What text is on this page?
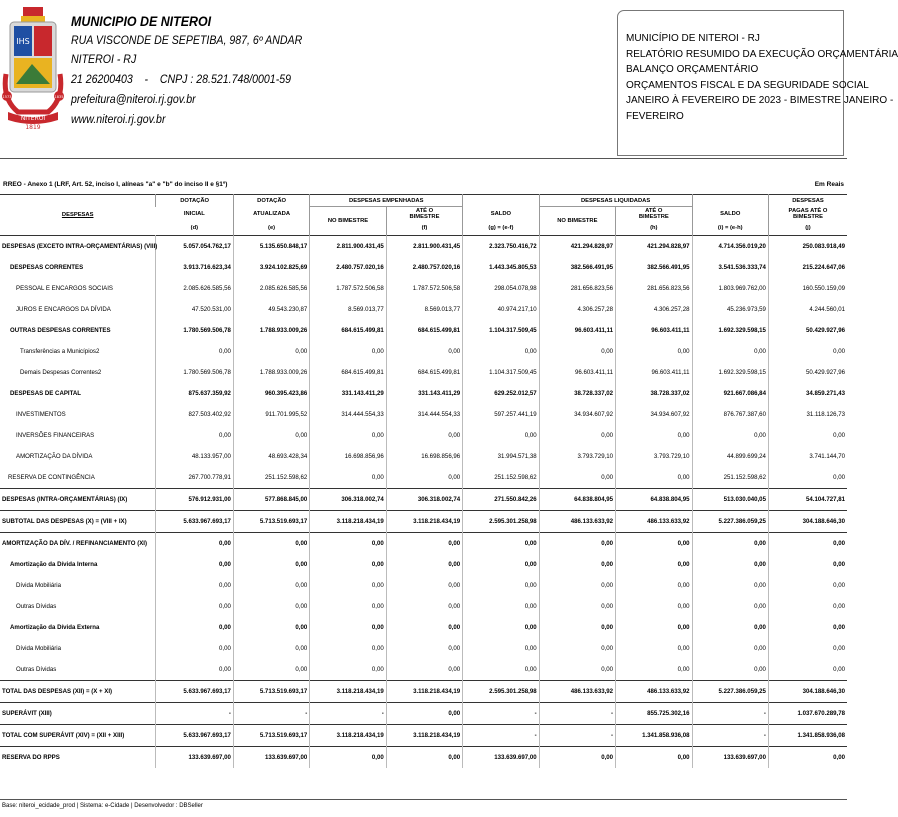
IHS
1573	1835
NITEROI
1819
MUNICIPIO DE NITEROI
RUA VISCONDE DE SEPETIBA, 987, 6º ANDAR
NITEROI - RJ
21 26200403    -    CNPJ : 28.521.748/0001-59
prefeitura@niteroi.rj.gov.br
www.niteroi.rj.gov.br
MUNICÍPIO DE NITEROI - RJ
RELATÓRIO RESUMIDO DA EXECUÇÃO ORÇAMENTÁRIA
BALANÇO ORÇAMENTÁRIO
ORÇAMENTOS FISCAL E DA SEGURIDADE SOCIAL
JANEIRO À FEVEREIRO DE 2023 - BIMESTRE JANEIRO -
FEVEREIRO
RREO - Anexo 1 (LRF, Art. 52, inciso I, alíneas "a" e "b" do inciso II e §1º)	Em Reais
DESPESAS	DOTAÇÃO	DOTAÇÃO	DESPESAS EMPENHADAS			DESPESAS LIQUIDADAS			DESPESAS
	INICIAL	ATUALIZADA	NO BIMESTRE	ATÉ O
BIMESTRE	SALDO	NO BIMESTRE	ATÉ O
BIMESTRE	SALDO	PAGAS ATÉ O
BIMESTRE
	(d)	(e)		(f)	(g) = (e-f)		(h)	(i) = (e-h)	(j)
DESPESAS (EXCETO INTRA-ORÇAMENTÁRIAS) (VIII)	5.057.054.762,17	5.135.650.848,17	2.811.900.431,45	2.811.900.431,45	2.323.750.416,72	421.294.828,97	421.294.828,97	4.714.356.019,20	250.083.918,49
DESPESAS CORRENTES	3.913.716.623,34	3.924.102.825,69	2.480.757.020,16	2.480.757.020,16	1.443.345.805,53	382.566.491,95	382.566.491,95	3.541.536.333,74	215.224.647,06
PESSOAL E ENCARGOS SOCIAIS	2.085.626.585,56	2.085.626.585,56	1.787.572.506,58	1.787.572.506,58	298.054.078,98	281.656.823,56	281.656.823,56	1.803.969.762,00	160.550.159,09
JUROS E ENCARGOS DA DÍVIDA	47.520.531,00	49.543.230,87	8.569.013,77	8.569.013,77	40.974.217,10	4.306.257,28	4.306.257,28	45.236.973,59	4.244.560,01
OUTRAS DESPESAS CORRENTES	1.780.569.506,78	1.788.933.009,26	684.615.499,81	684.615.499,81	1.104.317.509,45	96.603.411,11	96.603.411,11	1.692.329.598,15	50.429.927,96
Transferências a Municípios2	0,00	0,00	0,00	0,00	0,00	0,00	0,00	0,00	0,00
Demais Despesas Correntes2	1.780.569.506,78	1.788.933.009,26	684.615.499,81	684.615.499,81	1.104.317.509,45	96.603.411,11	96.603.411,11	1.692.329.598,15	50.429.927,96
DESPESAS DE CAPITAL	875.637.359,92	960.395.423,86	331.143.411,29	331.143.411,29	629.252.012,57	38.728.337,02	38.728.337,02	921.667.086,84	34.859.271,43
INVESTIMENTOS	827.503.402,92	911.701.995,52	314.444.554,33	314.444.554,33	597.257.441,19	34.934.607,92	34.934.607,92	876.767.387,60	31.118.126,73
INVERSÕES FINANCEIRAS	0,00	0,00	0,00	0,00	0,00	0,00	0,00	0,00	0,00
AMORTIZAÇÃO DA DÍVIDA	48.133.957,00	48.693.428,34	16.698.856,96	16.698.856,96	31.994.571,38	3.793.729,10	3.793.729,10	44.899.699,24	3.741.144,70
RESERVA DE CONTINGÊNCIA	267.700.778,91	251.152.598,62	0,00	0,00	251.152.598,62	0,00	0,00	251.152.598,62	0,00
DESPESAS (INTRA-ORÇAMENTÁRIAS) (IX)	576.912.931,00	577.868.845,00	306.318.002,74	306.318.002,74	271.550.842,26	64.838.804,95	64.838.804,95	513.030.040,05	54.104.727,81
SUBTOTAL DAS DESPESAS (X) = (VIII + IX)	5.633.967.693,17	5.713.519.693,17	3.118.218.434,19	3.118.218.434,19	2.595.301.258,98	486.133.633,92	486.133.633,92	5.227.386.059,25	304.188.646,30
AMORTIZAÇÃO DA DÍV. / REFINANCIAMENTO (XI)	0,00	0,00	0,00	0,00	0,00	0,00	0,00	0,00	0,00
Amortização da Dívida Interna	0,00	0,00	0,00	0,00	0,00	0,00	0,00	0,00	0,00
Dívida Mobiliária	0,00	0,00	0,00	0,00	0,00	0,00	0,00	0,00	0,00
Outras Dívidas	0,00	0,00	0,00	0,00	0,00	0,00	0,00	0,00	0,00
Amortização da Dívida Externa	0,00	0,00	0,00	0,00	0,00	0,00	0,00	0,00	0,00
Dívida Mobiliária	0,00	0,00	0,00	0,00	0,00	0,00	0,00	0,00	0,00
Outras Dívidas	0,00	0,00	0,00	0,00	0,00	0,00	0,00	0,00	0,00
TOTAL DAS DESPESAS (XII) = (X + XI)	5.633.967.693,17	5.713.519.693,17	3.118.218.434,19	3.118.218.434,19	2.595.301.258,98	486.133.633,92	486.133.633,92	5.227.386.059,25	304.188.646,30
SUPERÁVIT (XIII)	-	-	-	0,00	-	-	855.725.302,16	-	1.037.670.289,78
TOTAL COM SUPERÁVIT (XIV) = (XII + XIII)	5.633.967.693,17	5.713.519.693,17	3.118.218.434,19	3.118.218.434,19	-	-	1.341.858.936,08	-	1.341.858.936,08
RESERVA DO RPPS	133.639.697,00	133.639.697,00	0,00	0,00	133.639.697,00	0,00	0,00	133.639.697,00	0,00
Base: niteroi_ecidade_prod | Sistema: e-Cidade | Desenvolvedor : DBSeller
